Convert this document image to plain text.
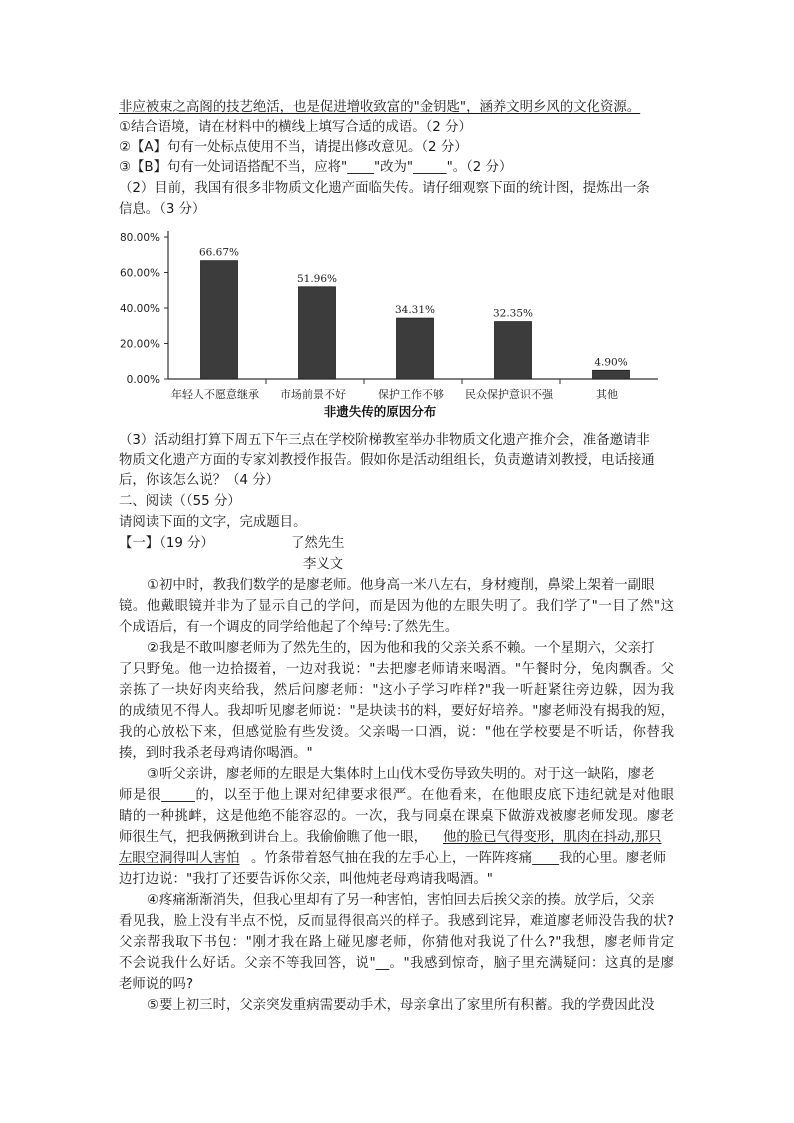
非应被束之高阁的技艺绝活，也是促进增收致富的"金钥匙"，涵养文明乡风的文化资源。
①结合语境，请在材料中的横线上填写合适的成语。（2 分）
②【A】句有一处标点使用不当，请提出修改意见。（2 分）
③【B】句有一处词语搭配不当，应将"____"改为"_____"。（2 分）
（2）目前，我国有很多非物质文化遗产面临失传。请仔细观察下面的统计图，提炼出一条
信息。（3 分）
80.00%
60.00%
40.00%
20.00%
0.00%
66.67%
年轻人不愿意继承
51.96%
市场前景不好
34.31%
保护工作不够
32.35%
民众保护意识不强
4.90%
其他
非遗失传的原因分布
（3）活动组打算下周五下午三点在学校阶梯教室举办非物质文化遗产推介会，准备邀请非
物质文化遗产方面的专家刘教授作报告。假如你是活动组组长，负责邀请刘教授，电话接通
后，你该怎么说？（4 分）
二、阅读（（55 分）
请阅读下面的文字，完成题目。
【一】（19 分）	了然先生
李义文
①初中时，教我们数学的是廖老师。他身高一米八左右，身材瘦削，鼻梁上架着一副眼
镜。他戴眼镜并非为了显示自己的学问，而是因为他的左眼失明了。我们学了"一目了然"这
个成语后，有一个调皮的同学给他起了个绰号:了然先生。
②我是不敢叫廖老师为了然先生的，因为他和我的父亲关系不赖。一个星期六，父亲打
了只野兔。他一边拾掇着，一边对我说："去把廖老师请来喝酒。"午餐时分，兔肉飘香。父
亲拣了一块好肉夹给我，然后问廖老师："这小子学习咋样?"我一听赶紧往旁边躲，因为我
的成绩见不得人。我却听见廖老师说："是块读书的料，要好好培养。"廖老师没有揭我的短，
我的心放松下来，但感觉脸有些发烫。父亲喝一口酒，说："他在学校要是不听话，你替我
揍，到时我杀老母鸡请你喝酒。"
③听父亲讲，廖老师的左眼是大集体时上山伐木受伤导致失明的。对于这一缺陷，廖老
师是很_____的，以至于他上课对纪律要求很严。在他看来，在他眼皮底下违纪就是对他眼
睛的一种挑衅，这是他绝不能容忍的。一次，我与同桌在课桌下做游戏被廖老师发现。廖老
师很生气，把我俩揪到讲台上。我偷偷瞧了他一眼， 他的脸已气得变形，肌肉在抖动,那只
左眼空洞得叫人害怕 。竹条带着怒气抽在我的左手心上，一阵阵疼痛____我的心里。廖老师
边打边说："我打了还要告诉你父亲，叫他炖老母鸡请我喝酒。"
④疼痛渐渐消失，但我心里却有了另一种害怕，害怕回去后挨父亲的揍。放学后，父亲
看见我，脸上没有半点不悦，反而显得很高兴的样子。我感到诧异，难道廖老师没告我的状?
父亲帮我取下书包："刚才我在路上碰见廖老师，你猜他对我说了什么?"我想，廖老师肯定
不会说我什么好话。父亲不等我回答，说"__。"我感到惊奇，脑子里充满疑问：这真的是廖
老师说的吗?
⑤要上初三时，父亲突发重病需要动手术，母亲拿出了家里所有积蓄。我的学费因此没
